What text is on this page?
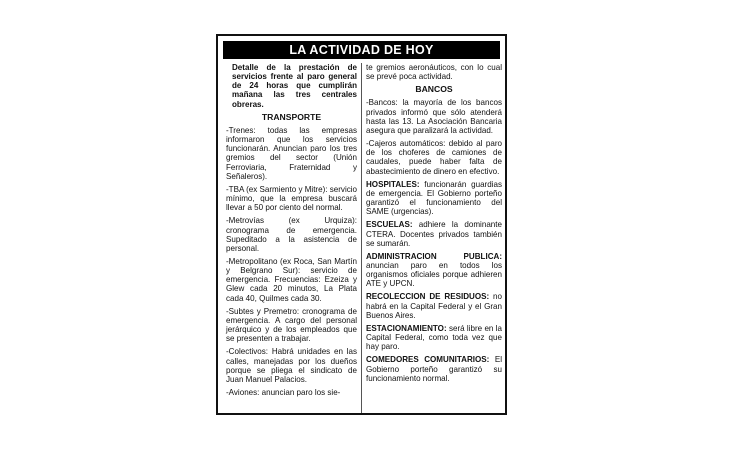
LA ACTIVIDAD DE HOY

Detalle de la prestación de servicios frente al paro general de 24 horas que cumplirán mañana las tres centrales obreras.

TRANSPORTE

-Trenes: todas las empresas informaron que los servicios funcionarán. Anuncian paro los tres gremios del sector (Unión Ferroviaria, Fraternidad y Señaleros).

-TBA (ex Sarmiento y Mitre): servicio mínimo, que la empresa buscará llevar a 50 por ciento del normal.

-Metrovías (ex Urquiza): cronograma de emergencia. Supeditado a la asistencia de personal.

-Metropolitano (ex Roca, San Martín y Belgrano Sur): servicio de emergencia. Frecuencias: Ezeiza y Glew cada 20 minutos, La Plata cada 40, Quilmes cada 30.

-Subtes y Premetro: cronograma de emergencia. A cargo del personal jerárquico y de los empleados que se presenten a trabajar.

-Colectivos: Habrá unidades en las calles, manejadas por los dueños porque se pliega el sindicato de Juan Manuel Palacios.

-Aviones: anuncian paro los sie-

te gremios aeronáuticos, con lo cual se prevé poca actividad.

BANCOS

-Bancos: la mayoría de los bancos privados informó que sólo atenderá hasta las 13. La Asociación Bancaria asegura que paralizará la actividad.

-Cajeros automáticos: debido al paro de los choferes de camiones de caudales, puede haber falta de abastecimiento de dinero en efectivo.

HOSPITALES: funcionarán guardias de emergencia. El Gobierno porteño garantizó el funcionamiento del SAME (urgencias).

ESCUELAS: adhiere la dominante CTERA. Docentes privados también se sumarán.

ADMINISTRACION PUBLICA: anuncian paro en todos los organismos oficiales porque adhieren ATE y UPCN.

RECOLECCION DE RESIDUOS: no habrá en la Capital Federal y el Gran Buenos Aires.

ESTACIONAMIENTO: será libre en la Capital Federal, como toda vez que hay paro.

COMEDORES COMUNITARIOS: El Gobierno porteño garantizó su funcionamiento normal.
